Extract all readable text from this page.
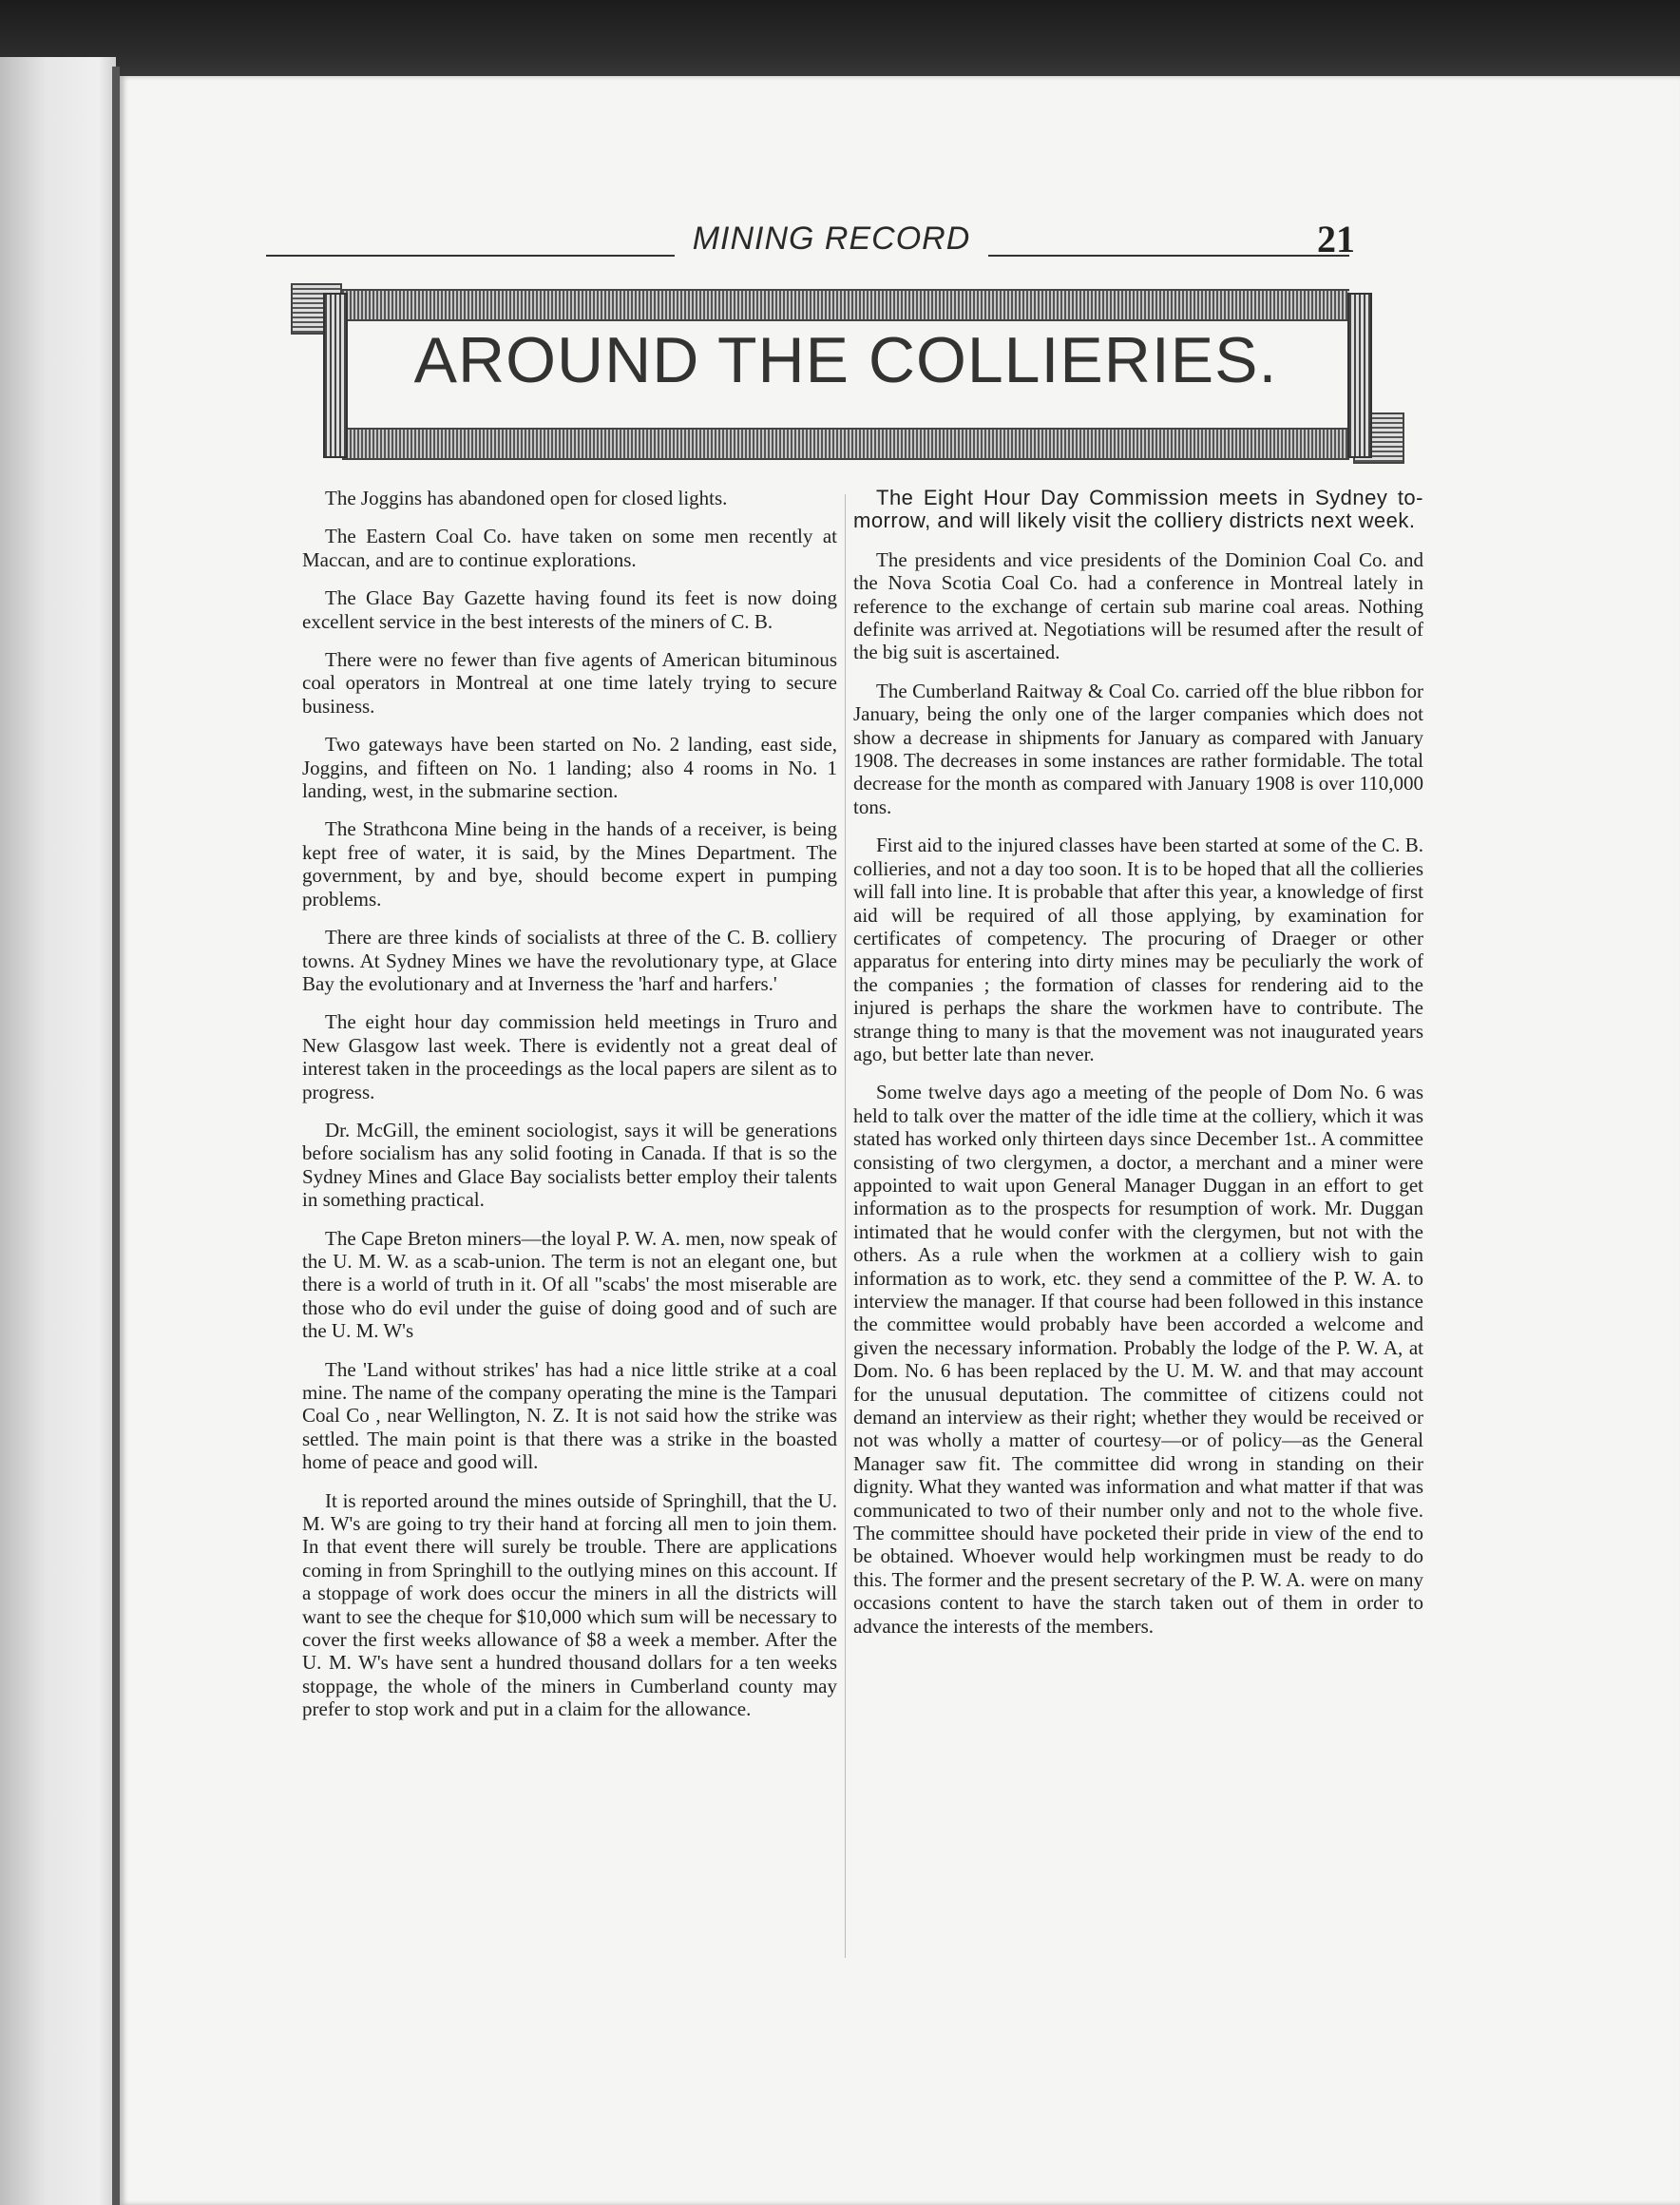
MINING RECORD	21
AROUND THE COLLIERIES.

The Joggins has abandoned open for closed lights.

The Eastern Coal Co. have taken on some men recently at Maccan, and are to continue explorations.

The Glace Bay Gazette having found its feet is now doing excellent service in the best interests of the miners of C. B.

There were no fewer than five agents of American bituminous coal operators in Montreal at one time lately trying to secure business.

Two gateways have been started on No. 2 landing, east side, Joggins, and fifteen on No. 1 landing; also 4 rooms in No. 1 landing, west, in the submarine section.

The Strathcona Mine being in the hands of a receiver, is being kept free of water, it is said, by the Mines Department. The government, by and bye, should become expert in pumping problems.

There are three kinds of socialists at three of the C. B. colliery towns. At Sydney Mines we have the revolutionary type, at Glace Bay the evolutionary and at Inverness the 'harf and harfers.'

The eight hour day commission held meetings in Truro and New Glasgow last week. There is evidently not a great deal of interest taken in the proceedings as the local papers are silent as to progress.

Dr. McGill, the eminent sociologist, says it will be generations before socialism has any solid footing in Canada. If that is so the Sydney Mines and Glace Bay socialists better employ their talents in something practical.

The Cape Breton miners—the loyal P. W. A. men, now speak of the U. M. W. as a scab-union. The term is not an elegant one, but there is a world of truth in it. Of all "scabs' the most miserable are those who do evil under the guise of doing good and of such are the U. M. W's

The 'Land without strikes' has had a nice little strike at a coal mine. The name of the company operating the mine is the Tampari Coal Co , near Wellington, N. Z. It is not said how the strike was settled. The main point is that there was a strike in the boasted home of peace and good will.

It is reported around the mines outside of Springhill, that the U. M. W's are going to try their hand at forcing all men to join them. In that event there will surely be trouble. There are applications coming in from Springhill to the outlying mines on this account. If a stoppage of work does occur the miners in all the districts will want to see the cheque for $10,000 which sum will be necessary to cover the first weeks allowance of $8 a week a member. After the U. M. W's have sent a hundred thousand dollars for a ten weeks stoppage, the whole of the miners in Cumberland county may prefer to stop work and put in a claim for the allowance.

The Eight Hour Day Commission meets in Sydney to-morrow, and will likely visit the colliery districts next week.

The presidents and vice presidents of the Dominion Coal Co. and the Nova Scotia Coal Co. had a conference in Montreal lately in reference to the exchange of certain sub marine coal areas. Nothing definite was arrived at. Negotiations will be resumed after the result of the big suit is ascertained.

The Cumberland Raitway & Coal Co. carried off the blue ribbon for January, being the only one of the larger companies which does not show a decrease in shipments for January as compared with January 1908. The decreases in some instances are rather formidable. The total decrease for the month as compared with January 1908 is over 110,000 tons.

First aid to the injured classes have been started at some of the C. B. collieries, and not a day too soon. It is to be hoped that all the collieries will fall into line. It is probable that after this year, a knowledge of first aid will be required of all those applying, by examination for certificates of competency. The procuring of Draeger or other apparatus for entering into dirty mines may be peculiarly the work of the companies ; the formation of classes for rendering aid to the injured is perhaps the share the workmen have to contribute. The strange thing to many is that the movement was not inaugurated years ago, but better late than never.

Some twelve days ago a meeting of the people of Dom No. 6 was held to talk over the matter of the idle time at the colliery, which it was stated has worked only thirteen days since December 1st.. A committee consisting of two clergymen, a doctor, a merchant and a miner were appointed to wait upon General Manager Duggan in an effort to get information as to the prospects for resumption of work. Mr. Duggan intimated that he would confer with the clergymen, but not with the others. As a rule when the workmen at a colliery wish to gain information as to work, etc. they send a committee of the P. W. A. to interview the manager. If that course had been followed in this instance the committee would probably have been accorded a welcome and given the necessary information. Probably the lodge of the P. W. A, at Dom. No. 6 has been replaced by the U. M. W. and that may account for the unusual deputation. The committee of citizens could not demand an interview as their right; whether they would be received or not was wholly a matter of courtesy—or of policy—as the General Manager saw fit. The committee did wrong in standing on their dignity. What they wanted was information and what matter if that was communicated to two of their number only and not to the whole five. The committee should have pocketed their pride in view of the end to be obtained. Whoever would help workingmen must be ready to do this. The former and the present secretary of the P. W. A. were on many occasions content to have the starch taken out of them in order to advance the interests of the members.
